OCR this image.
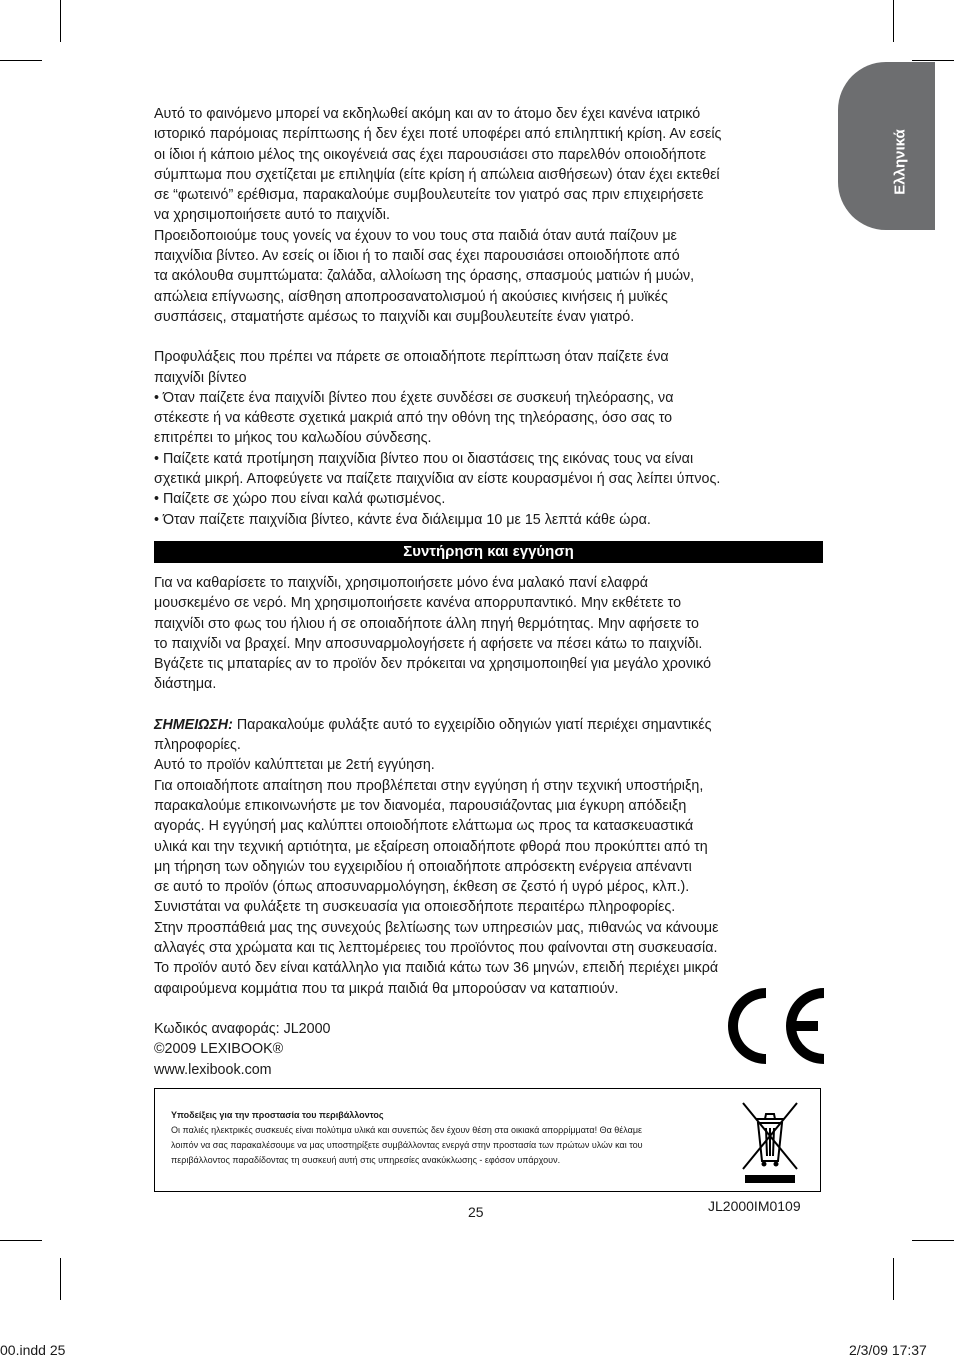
Ελληνικά

Αυτό το φαινόμενο μπορεί να εκδηλωθεί ακόμη και αν το άτομο δεν έχει κανένα ιατρικό

ιστορικό παρόμοιας περίπτωσης ή δεν έχει ποτέ υποφέρει από επιληπτική κρίση. Αν εσείς

οι ίδιοι ή κάποιο μέλος της οικογένειά σας έχει παρουσιάσει στο παρελθόν οποιοδήποτε

σύμπτωμα που σχετίζεται με επιληψία (είτε κρίση ή απώλεια αισθήσεων) όταν έχει εκτεθεί

σε “φωτεινό” ερέθισμα, παρακαλούμε συμβουλευτείτε τον γιατρό σας πριν επιχειρήσετε

να χρησιμοποιήσετε αυτό το παιχνίδι.

Προειδοποιούμε τους γονείς να έχουν το νου τους στα παιδιά όταν αυτά παίζουν με

παιχνίδια βίντεο. Αν εσείς οι ίδιοι ή το παιδί σας έχει παρουσιάσει οποιοδήποτε από

τα ακόλουθα συμπτώματα: ζαλάδα, αλλοίωση της όρασης, σπασμούς ματιών ή μυών,

απώλεια επίγνωσης, αίσθηση αποπροσανατολισμού ή ακούσιες κινήσεις ή μυϊκές

συσπάσεις, σταματήστε αμέσως το παιχνίδι και συμβουλευτείτε έναν γιατρό.

Προφυλάξεις που πρέπει να πάρετε σε οποιαδήποτε περίπτωση όταν παίζετε ένα

παιχνίδι βίντεο

• Όταν παίζετε ένα παιχνίδι βίντεο που έχετε συνδέσει σε συσκευή τηλεόρασης, να

στέκεστε ή να κάθεστε σχετικά μακριά από την οθόνη της τηλεόρασης, όσο σας το

επιτρέπει το μήκος του καλωδίου σύνδεσης.

• Παίζετε κατά προτίμηση παιχνίδια βίντεο που οι διαστάσεις της εικόνας τους να είναι

σχετικά μικρή. Αποφεύγετε να παίζετε παιχνίδια αν είστε κουρασμένοι ή σας λείπει ύπνος.

• Παίζετε σε χώρο που είναι καλά φωτισμένος.

• Όταν παίζετε παιχνίδια βίντεο, κάντε ένα διάλειμμα 10 με 15 λεπτά κάθε ώρα.

Συντήρηση και εγγύηση

Για να καθαρίσετε το παιχνίδι, χρησιμοποιήσετε μόνο ένα μαλακό πανί ελαφρά

μουσκεμένο σε νερό. Μη χρησιμοποιήσετε κανένα απορρυπαντικό. Μην εκθέτετε το

παιχνίδι στο φως του ήλιου ή σε οποιαδήποτε άλλη πηγή θερμότητας. Μην αφήσετε το

το παιχνίδι να βραχεί. Μην αποσυναρμολογήσετε ή αφήσετε να πέσει κάτω το παιχνίδι.

Βγάζετε τις μπαταρίες αν το προϊόν δεν πρόκειται να χρησιμοποιηθεί για μεγάλο χρονικό

διάστημα.

ΣΗΜΕΙΩΣΗ: Παρακαλούμε φυλάξτε αυτό το εγχειρίδιο οδηγιών γιατί περιέχει σημαντικές

πληροφορίες.

Αυτό το προϊόν καλύπτεται με 2ετή εγγύηση.

Για οποιαδήποτε απαίτηση που προβλέπεται στην εγγύηση ή στην τεχνική υποστήριξη,

παρακαλούμε επικοινωνήστε με τον διανομέα, παρουσιάζοντας μια έγκυρη απόδειξη

αγοράς. Η εγγύησή μας καλύπτει οποιοδήποτε ελάττωμα ως προς τα κατασκευαστικά

υλικά και την τεχνική αρτιότητα, με εξαίρεση οποιαδήποτε φθορά που προκύπτει από τη

μη τήρηση των οδηγιών του εγχειριδίου ή οποιαδήποτε απρόσεκτη ενέργεια απέναντι

σε αυτό το προϊόν (όπως αποσυναρμολόγηση, έκθεση σε ζεστό ή υγρό μέρος, κλπ.).

Συνιστάται να φυλάξετε τη συσκευασία για οποιεσδήποτε περαιτέρω πληροφορίες.

Στην προσπάθειά μας της συνεχούς βελτίωσης των υπηρεσιών μας, πιθανώς να κάνουμε

αλλαγές στα χρώματα και τις λεπτομέρειες του προϊόντος που φαίνονται στη συσκευασία.

Το προϊόν αυτό δεν είναι κατάλληλο για παιδιά κάτω των 36 μηνών, επειδή περιέχει μικρά

αφαιρούμενα κομμάτια που τα μικρά παιδιά θα μπορούσαν να καταπιούν.

Κωδικός αναφοράς: JL2000

©2009 LEXIBOOK®

www.lexibook.com

Υποδείξεις για την προστασία του περιβάλλοντος
Οι παλιές ηλεκτρικές συσκευές είναι πολύτιμα υλικά και συνεπώς δεν έχουν θέση στα οικιακά απορρίμματα! Θα θέλαμε
λοιπόν να σας παρακαλέσουμε να μας υποστηρίξετε συμβάλλοντας ενεργά στην προστασία των πρώτων υλών και του
περιβάλλοντος παραδίδοντας τη συσκευή αυτή στις υπηρεσίες ανακύκλωσης - εφόσον υπάρχουν.
25	JL2000IM0109
00.indd 25	2/3/09 17:37
